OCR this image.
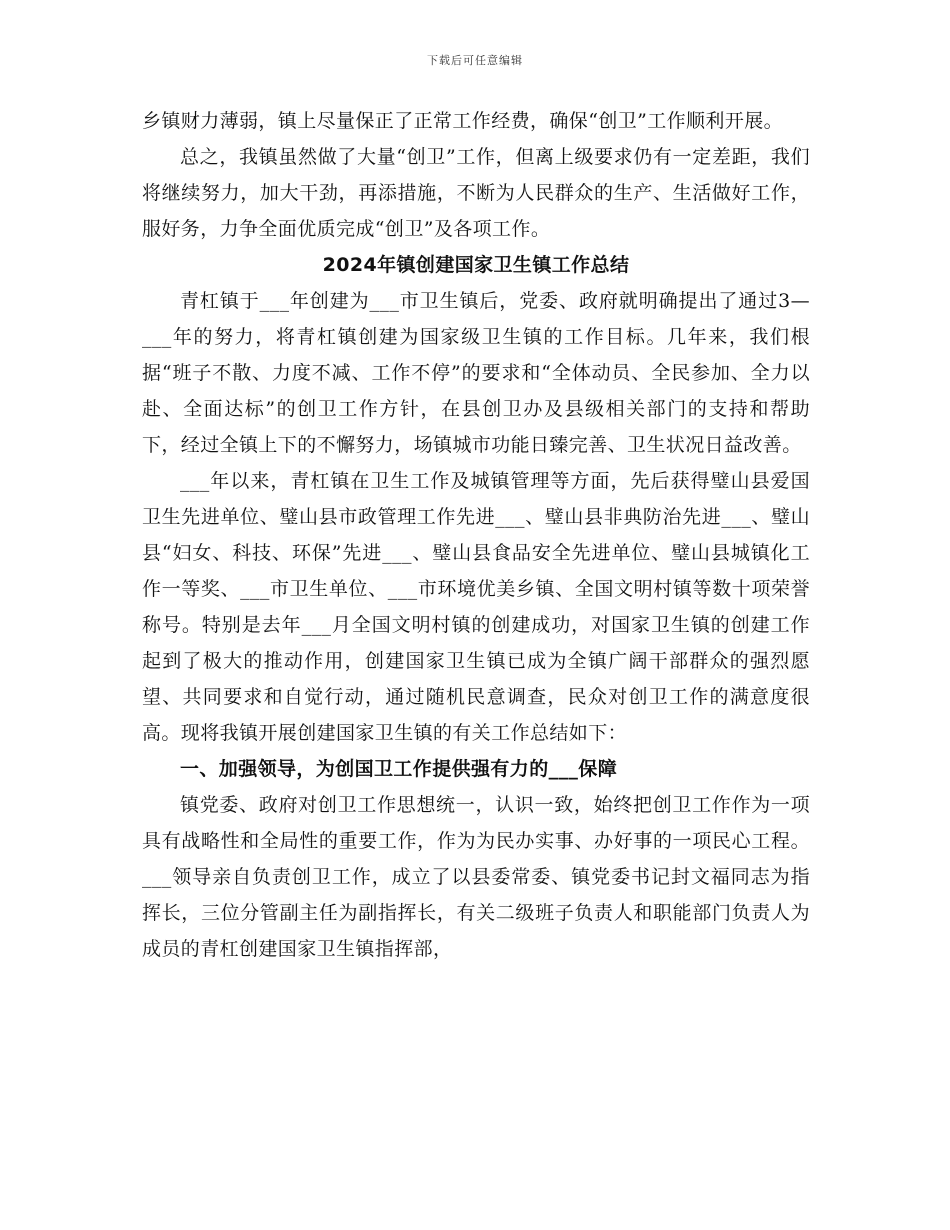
下载后可任意编辑

乡镇财力薄弱，镇上尽量保正了正常工作经费，确保“创卫”工作顺利开展。

总之，我镇虽然做了大量“创卫”工作，但离上级要求仍有一定差距，我们将继续努力，加大干劲，再添措施，不断为人民群众的生产、生活做好工作，服好务，力争全面优质完成“创卫”及各项工作。

2024年镇创建国家卫生镇工作总结

青杠镇于___年创建为___市卫生镇后，党委、政府就明确提出了通过3—___年的努力，将青杠镇创建为国家级卫生镇的工作目标。几年来，我们根据“班子不散、力度不减、工作不停”的要求和“全体动员、全民参加、全力以赴、全面达标”的创卫工作方针，在县创卫办及县级相关部门的支持和帮助下，经过全镇上下的不懈努力，场镇城市功能日臻完善、卫生状况日益改善。

___年以来，青杠镇在卫生工作及城镇管理等方面，先后获得璧山县爱国卫生先进单位、璧山县市政管理工作先进___、璧山县非典防治先进___、璧山县“妇女、科技、环保”先进___、璧山县食品安全先进单位、璧山县城镇化工作一等奖、___市卫生单位、___市环境优美乡镇、全国文明村镇等数十项荣誉称号。特别是去年___月全国文明村镇的创建成功，对国家卫生镇的创建工作起到了极大的推动作用，创建国家卫生镇已成为全镇广阔干部群众的强烈愿望、共同要求和自觉行动，通过随机民意调查，民众对创卫工作的满意度很高。现将我镇开展创建国家卫生镇的有关工作总结如下：

一、加强领导，为创国卫工作提供强有力的___保障

镇党委、政府对创卫工作思想统一，认识一致，始终把创卫工作作为一项具有战略性和全局性的重要工作，作为为民办实事、办好事的一项民心工程。___领导亲自负责创卫工作，成立了以县委常委、镇党委书记封文福同志为指挥长，三位分管副主任为副指挥长，有关二级班子负责人和职能部门负责人为成员的青杠创建国家卫生镇指挥部，
